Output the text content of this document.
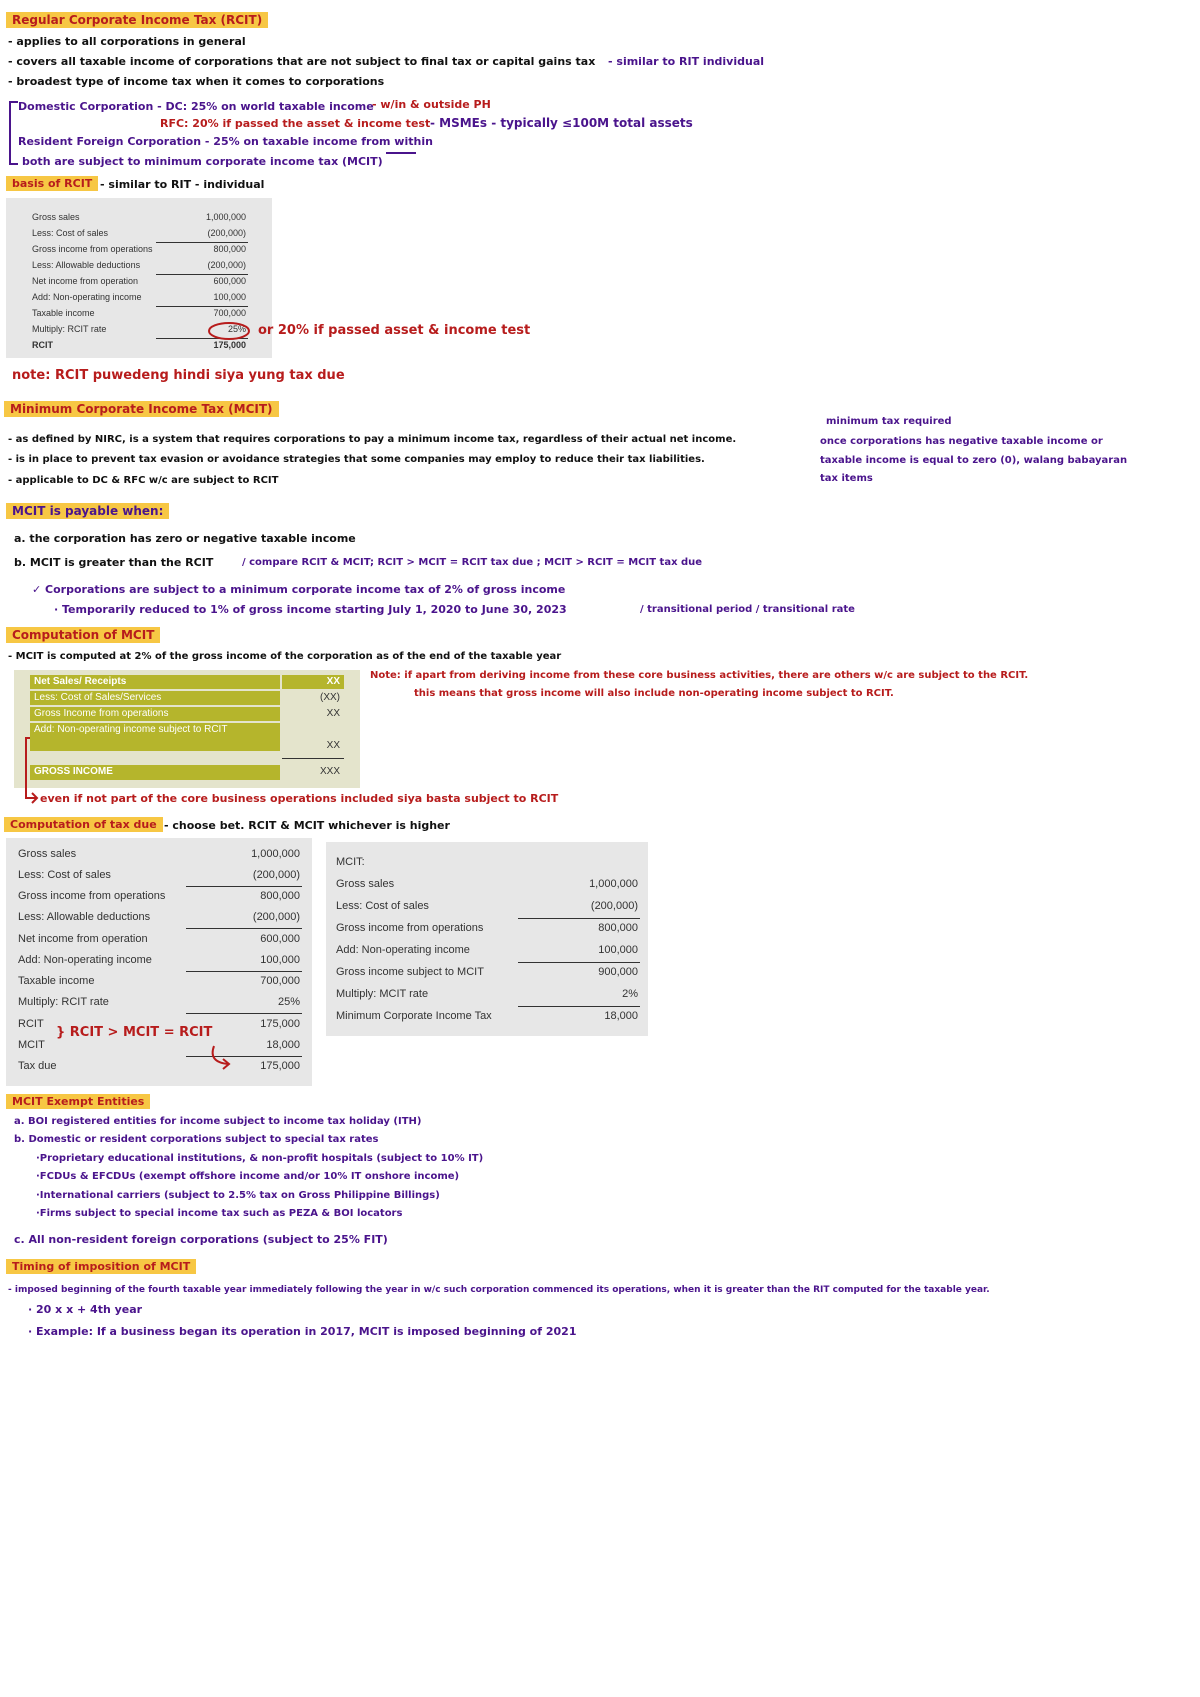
Regular Corporate Income Tax (RCIT)
- applies to all corporations in general
- covers all taxable income of corporations that are not subject to final tax or capital gains tax - similar to RIT individual
- broadest type of income tax when it comes to corporations
Domestic Corporation - DC: 25% on world taxable income
- w/in & outside PH
RFC: 20% if passed the asset & income test - MSMEs - typically ≤100M total assets
Resident Foreign Corporation - 25% on taxable income from within
both are subject to minimum corporate income tax (MCIT)
basis of RCIT - similar to RIT - individual
Gross sales	1,000,000
Less: Cost of sales	(200,000)
Gross income from operations	800,000
Less: Allowable deductions	(200,000)
Net income from operation	600,000
Add: Non-operating income	100,000
Taxable income	700,000
Multiply: RCIT rate	25%
RCIT	175,000
or 20% if passed asset & income test
note: RCIT puwedeng hindi siya yung tax due
Minimum Corporate Income Tax (MCIT)
- as defined by NIRC, is a system that requires corporations to pay a minimum income tax, regardless of their actual net income.
- is in place to prevent tax evasion or avoidance strategies that some companies may employ to reduce their tax liabilities.
- applicable to DC & RFC w/c are subject to RCIT
minimum tax required
once corporations has negative taxable income or
taxable income is equal to zero (0), walang babayaran
tax items
MCIT is payable when:
a. the corporation has zero or negative taxable income
b. MCIT is greater than the RCIT	/ compare RCIT & MCIT; RCIT > MCIT = RCIT tax due ; MCIT > RCIT = MCIT tax due
✓ Corporations are subject to a minimum corporate income tax of 2% of gross income
· Temporarily reduced to 1% of gross income starting July 1, 2020 to June 30, 2023	/ transitional period / transitional rate
Computation of MCIT
- MCIT is computed at 2% of the gross income of the corporation as of the end of the taxable year
Note: if apart from deriving income from these core business activities, there are others w/c are subject to the RCIT.
this means that gross income will also include non-operating income subject to RCIT.
Net Sales/ Receipts	XX
Less: Cost of Sales/Services	(XX)
Gross Income from operations	XX
Add: Non-operating income subject to RCIT
XX
GROSS INCOME	XXX
even if not part of the core business operations included siya basta subject to RCIT
Computation of tax due - choose bet. RCIT & MCIT whichever is higher
Gross sales	1,000,000
Less: Cost of sales	(200,000)
Gross income from operations	800,000
Less: Allowable deductions	(200,000)
Net income from operation	600,000
Add: Non-operating income	100,000
Taxable income	700,000
Multiply: RCIT rate	25%
RCIT	175,000
MCIT	18,000
Tax due	175,000
} RCIT > MCIT = RCIT
MCIT:
Gross sales	1,000,000
Less: Cost of sales	(200,000)
Gross income from operations	800,000
Add: Non-operating income	100,000
Gross income subject to MCIT	900,000
Multiply: MCIT rate	2%
Minimum Corporate Income Tax	18,000
MCIT Exempt Entities
a. BOI registered entities for income subject to income tax holiday (ITH)
b. Domestic or resident corporations subject to special tax rates
·Proprietary educational institutions, & non-profit hospitals (subject to 10% IT)
·FCDUs & EFCDUs (exempt offshore income and/or 10% IT onshore income)
·International carriers (subject to 2.5% tax on Gross Philippine Billings)
·Firms subject to special income tax such as PEZA & BOI locators
c. All non-resident foreign corporations (subject to 25% FIT)
Timing of imposition of MCIT
- imposed beginning of the fourth taxable year immediately following the year in w/c such corporation commenced its operations, when it is greater than the RIT computed for the taxable year.
· 20 x x + 4th year
· Example: If a business began its operation in 2017, MCIT is imposed beginning of 2021
